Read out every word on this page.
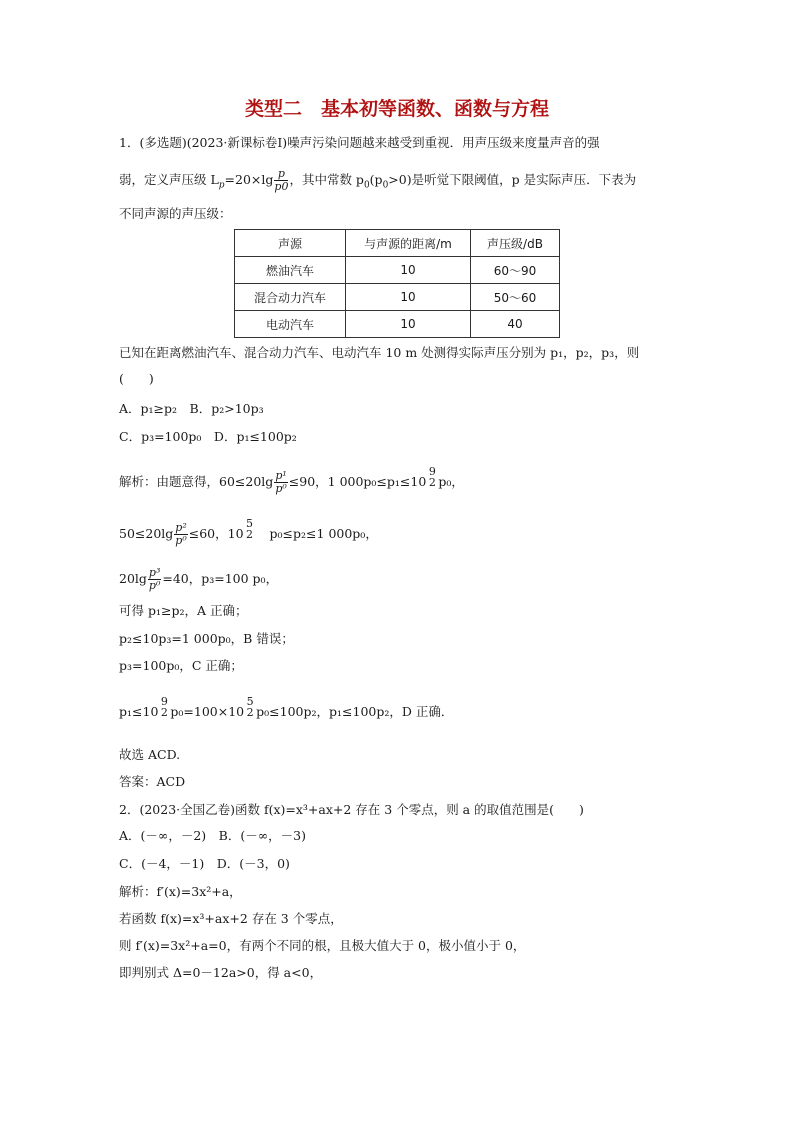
类型二　基本初等函数、函数与方程
1．(多选题)(2023·新课标卷Ⅰ)噪声污染问题越来越受到重视．用声压级来度量声音的强
弱，定义声压级 $L_p=20\times\lg \frac{p}{p0}$ ，其中常数 $p_0(p_0>0)$是听觉下限阈值，p 是实际声压．下表为
不同声源的声压级：
声源	与声源的距离/m	声压级/dB
燃油汽车	10	60～90
混合动力汽车	10	50～60
电动汽车	10	40
已知在距离燃油汽车、混合动力汽车、电动汽车 10 m 处测得实际声压分别为 p₁，p₂，p₃，则
(　　)
A．p₁≥p₂　B．p₂>10p₃
C．p₃=100p₀　D．p₁≤100p₂
解析：由题意得，$60\le 20\lg \frac{\text{p¹}}{\text{p⁰}} \le 90$，1 000p₀≤p₁≤10
9
2 p₀，
$50\le 20\lg \frac{\text{p²}}{\text{p⁰}} \le 60$，10
5
2 p₀≤p₂≤1 000p₀，
$20\lg \frac{\text{p³}}{\text{p⁰}} =40$，p₃=100 p₀，
可得 p₁≥p₂，A 正确；
p₂≤10p₃=1 000p₀，B 错误；
p₃=100p₀，C 正确；
p₁≤10
9
2 p₀=100×10
5
2 p₀≤100p₂，p₁≤100p₂，D 正确．
故选 ACD.
答案：ACD
2．(2023·全国乙卷)函数 f(x)=x³+ax+2 存在 3 个零点，则 a 的取值范围是(　　)
A．(－∞，－2)　B．(－∞，－3)
C．(－4，－1)　D．(－3，0)
解析：f′(x)=3x²+a，
若函数 f(x)=x³+ax+2 存在 3 个零点，
则 f′(x)=3x²+a=0，有两个不同的根，且极大值大于 0，极小值小于 0，
即判别式 Δ=0－12a>0，得 a<0，
